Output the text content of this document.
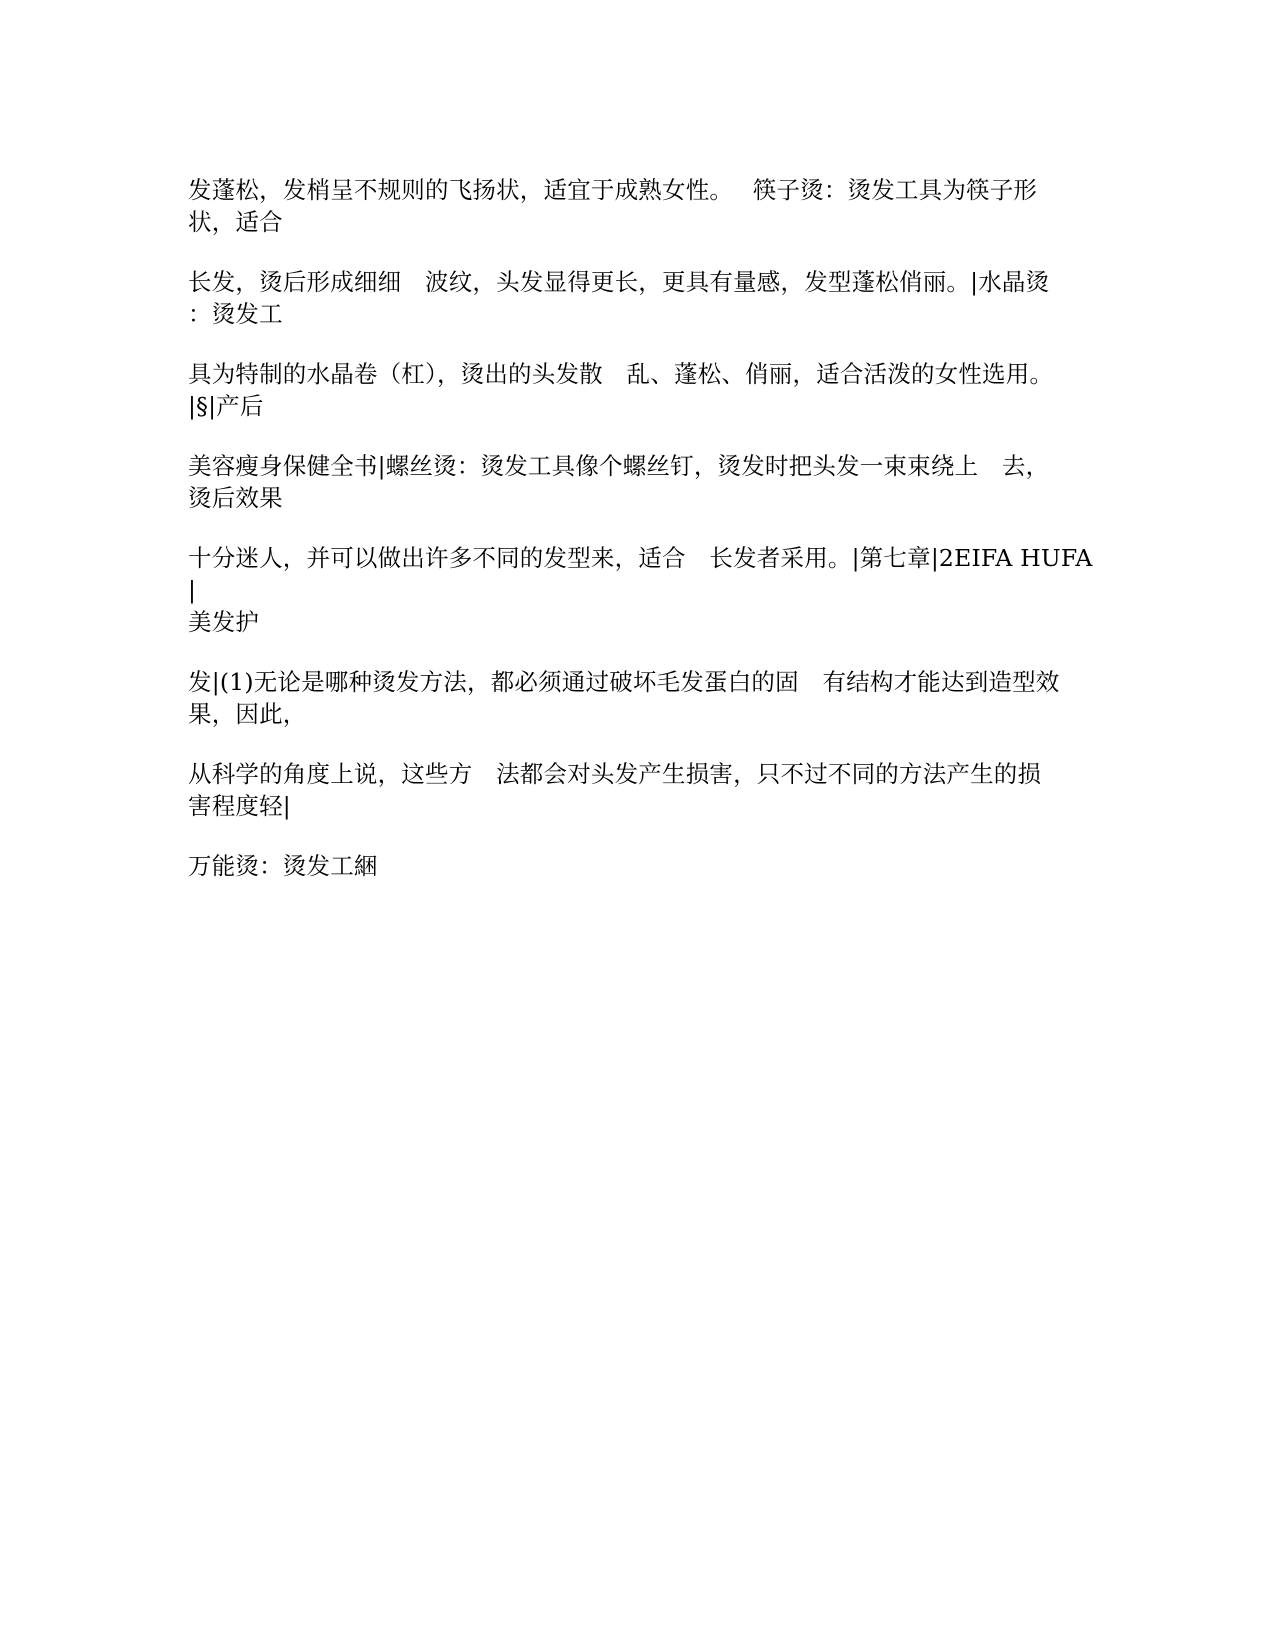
发蓬松，发梢呈不规则的飞扬状，适宜于成熟女性。　 筷子烫：烫发工具为筷子形
状，适合

长发，烫后形成细细　波纹，头发显得更长，更具有量感，发型蓬松俏丽。|水晶烫
：烫发工

具为特制的水晶卷（杠），烫出的头发散　乱、蓬松、俏丽，适合活泼的女性选用。
|§|产后

美容瘦身保健全书|螺丝烫：烫发工具像个螺丝钉，烫发时把头发一束束绕上　去，
烫后效果

十分迷人，并可以做出许多不同的发型来，适合　长发者采用。|第七章|2EIFA HUFA|
美发护

发|(1)无论是哪种烫发方法，都必须通过破坏毛发蛋白的固　有结构才能达到造型效
果，因此，

从科学的角度上说，这些方　法都会对头发产生损害，只不过不同的方法产生的损
害程度轻|

万能烫：烫发工綑
